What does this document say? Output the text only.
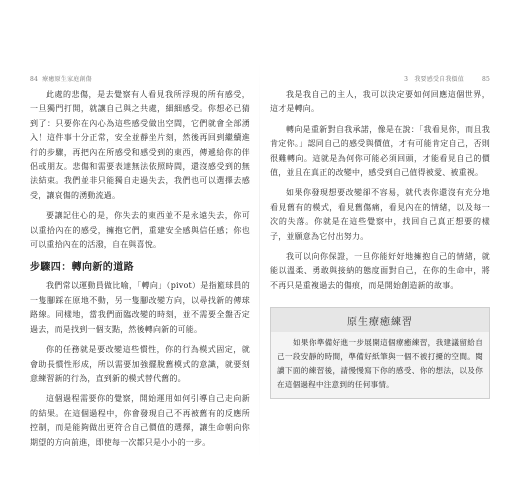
84 療癒原生家庭創傷

此處的悲傷，是去覺察有人看見我所浮現的所有感受，一旦獨門打開，就讓自己與之共處，細細感受。你想必已猜到了：只要你在內心為這些感受做出空間，它們就會全部湧入！這件事十分正常，安全並靜坐片刻，然後再回到繼續進行的步驟，再把內在所感受和感受到的東西，傳遞給你的伴侶或朋友。悲傷和需要表達無法依照時間，還沒感受到的無法結束。我們並非只能獨自走過失去，我們也可以選擇去感受，讓哀傷的湧動流過。

要讓記住心的是，你失去的東西並不是永遠失去，你可以重拾內在的感受，擁抱它們，重建安全感與信任感；你也可以重拾內在的活潑，自在與喜悅。

步驟四：轉向新的道路

我們常以運動員做比喻，「轉向」（pivot）是指籃球員的一隻腳踩在原地不動，另一隻腳改變方向，以尋找新的傳球路線。同樣地，當我們面臨改變的時刻，並不需要全盤否定過去，而是找到一個支點，然後轉向新的可能。

你的任務就是要改變這些慣性，你的行為模式固定，就會助長慣性形成，所以需要加強擺脫舊模式的意識，就要刻意練習新的行為，直到新的模式替代舊的。

這個過程需要你的覺察，開始運用如何引導自己走向新的結果。在這個過程中，你會發現自己不再被舊有的反應所控制，而是能夠做出更符合自己價值的選擇，讓生命朝向你期望的方向前進，即使每一次都只是小小的一步。

3　我要感受自我價值	85

我是我自己的主人，我可以決定要如何回應這個世界，這才是轉向。

轉向是重新對自我承諾，像是在說：「我看見你，而且我肯定你。」認同自己的感受與價值，才有可能肯定自己，否則很難轉向。這就是為何你可能必須回頭，才能看見自己的價值，並且在真正的改變中，感受到自己值得被愛、被重視。

如果你發現想要改變卻不容易，就代表你還沒有充分地看見舊有的模式，看見舊傷痛，看見內在的情緒，以及每一次的失落。你就是在這些覺察中，找回自己真正想要的樣子，並願意為它付出努力。

我可以向你保證，一旦你能好好地擁抱自己的情緒，就能以溫柔、勇敢與接納的態度面對自己，在你的生命中，將不再只是重複過去的傷痕，而是開始創造新的故事。

原生療癒練習

如果你準備好進一步展開這個療癒練習，我建議留給自己一段安靜的時間，準備好紙筆與一個不被打擾的空間。閱讀下面的練習後，請慢慢寫下你的感受、你的想法，以及你在這個過程中注意到的任何事情。
